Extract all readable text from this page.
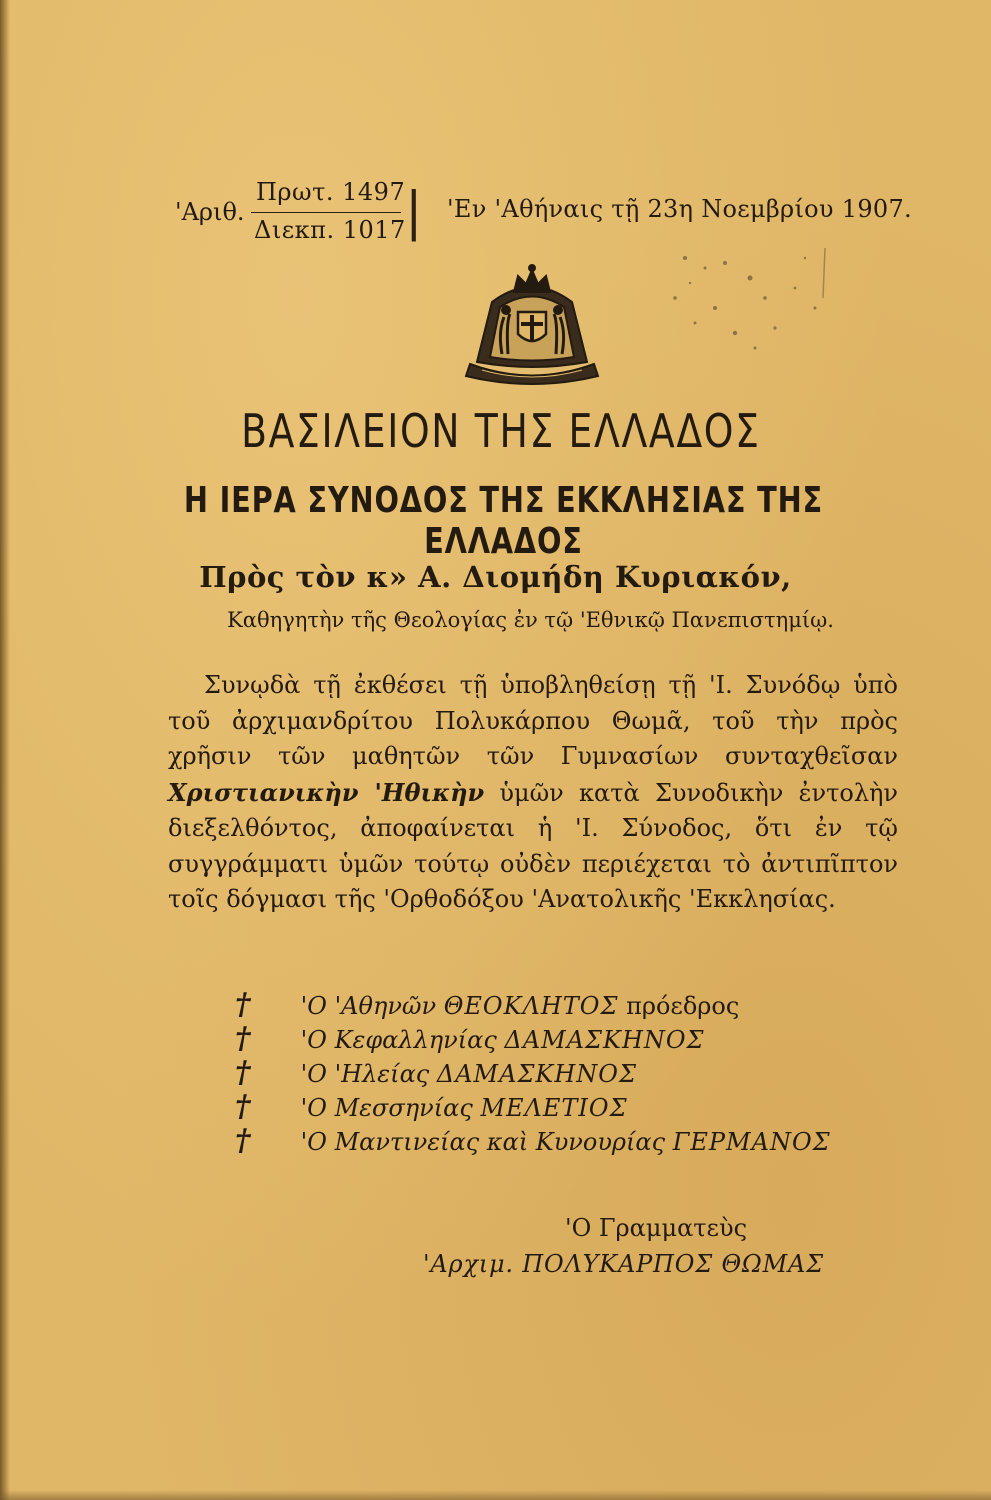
'Αριθ.
Πρωτ. 1497
Διεκπ. 1017 | 'Εν 'Αθήναις τῇ 23η Νοεμβρίου 1907.
ΒΑΣΙΛΕΙΟΝ ΤΗΣ ΕΛΛΑΔΟΣ
Η ΙΕΡΑ ΣΥΝΟΔΟΣ ΤΗΣ ΕΚΚΛΗΣΙΑΣ ΤΗΣ ΕΛΛΑΔΟΣ
Πρὸς τὸν κ» Α. Διομήδη Κυριακόν,
Καθηγητὴν τῆς Θεολογίας ἐν τῷ 'Εθνικῷ Πανεπιστημίῳ.

Συνῳδὰ τῇ ἐκθέσει τῇ ὑποβληθείσῃ τῇ 'Ι. Συνόδῳ ὑπὸ τοῦ ἀρχιμανδρίτου Πολυκάρπου Θωμᾶ, τοῦ τὴν πρὸς χρῆσιν τῶν μαθητῶν τῶν Γυμνασίων συνταχθεῖσαν Χριστιανικὴν 'Ηθικὴν ὑμῶν κατὰ Συνοδικὴν ἐντολὴν διεξελθόντος, ἀποφαίνεται ἡ 'Ι. Σύνοδος, ὅτι ἐν τῷ συγγράμματι ὑμῶν τούτῳ οὐδὲν περιέχεται τὸ ἀντιπῖπτον τοῖς δόγμασι τῆς 'Ορθοδόξου 'Ανατολικῆς 'Εκκλησίας.

† 'Ο 'Αθηνῶν ΘΕΟΚΛΗΤΟΣ πρόεδρος
† 'Ο Κεφαλληνίας ΔΑΜΑΣΚΗΝΟΣ
† 'Ο 'Ηλείας ΔΑΜΑΣΚΗΝΟΣ
† 'Ο Μεσσηνίας ΜΕΛΕΤΙΟΣ
† 'Ο Μαντινείας καὶ Κυνουρίας ΓΕΡΜΑΝΟΣ
'Ο Γραμματεὺς
'Αρχιμ. ΠΟΛΥΚΑΡΠΟΣ ΘΩΜΑΣ
